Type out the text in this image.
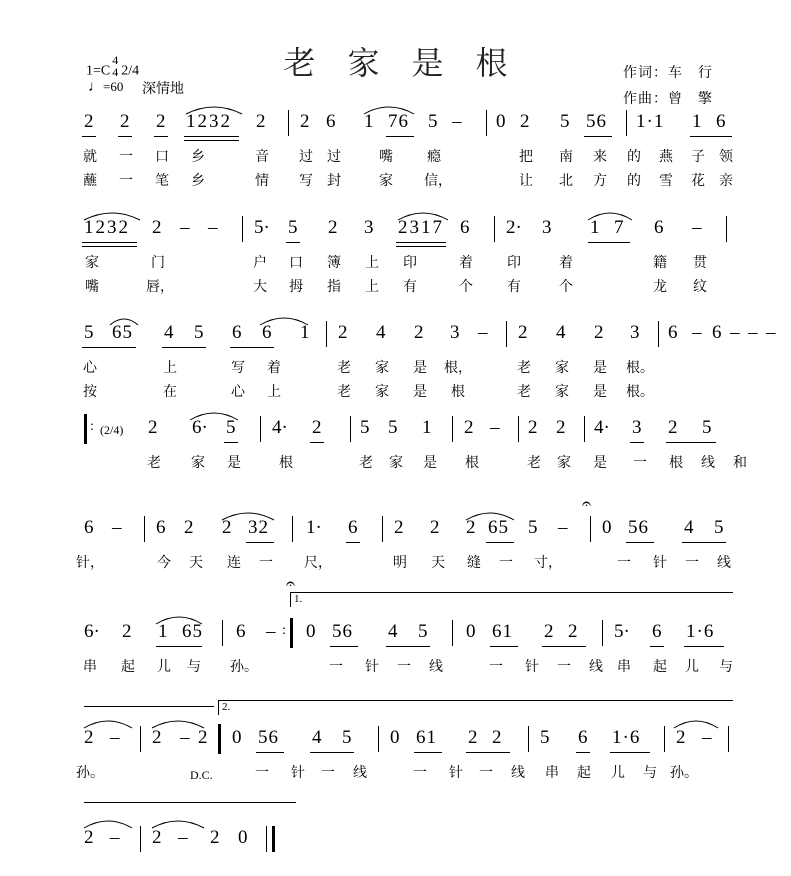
老 家 是 根
1=C
4
4 2/4
♩=60 深情地
作词：车　行
作曲：曾　擎
2 2 2 1232 2 2 6 1 76 5 – 0 2 5 56 1·1 1 6
就 一 口 乡	音 过 过	嘴 瘾	把 南 来 的 燕 子 领
蘸 一 笔 乡	情 写 封	家 信，	让 北 方 的 雪 花 亲
1232 2 – – 5· 5 2 3 2317 6 2· 3 1 7 6 –
家	门	户 口 簿 上 印	着 印	着	籍 贯
嘴	唇，	大 拇 指 上 有	个 有	个	龙 纹
5 65 4 5 6 6 1 2 4 2 3 – 2 4 2 3 6 – 6 – – –
心	上	写 着	老 家 是 根，	老 家 是 根。
按	在	心 上	老 家 是 根	老 家 是 根。
: (2/4) 2 6· 5 4· 2 5 5 1 2 – 2 2 4· 3 2 5
老 家 是	根	老 家 是 根	老 家 是 一 根 线 和
6 – 6 2 2 32 1· 6 2 2 2 65 5 –
𝄐
0 56 4 5
针，	今 天 连 一 尺，	明 天 缝 一 寸，	一 针 一 线
1.
𝄐
6· 2 1 65 6 – : 0 56 4 5 0 61 2 2 5· 6 1·6
串 起 儿 与 孙。	一 针 一 线	一 针 一 线 串 起 儿 与
2.
2 – 2 – 2 0 56 4 5 0 61 2 2 5 6 1·6 2 –
D.C.
孙。	一 针 一 线	一 针 一 线 串 起 儿 与 孙。
2 – 2 – 2 0
